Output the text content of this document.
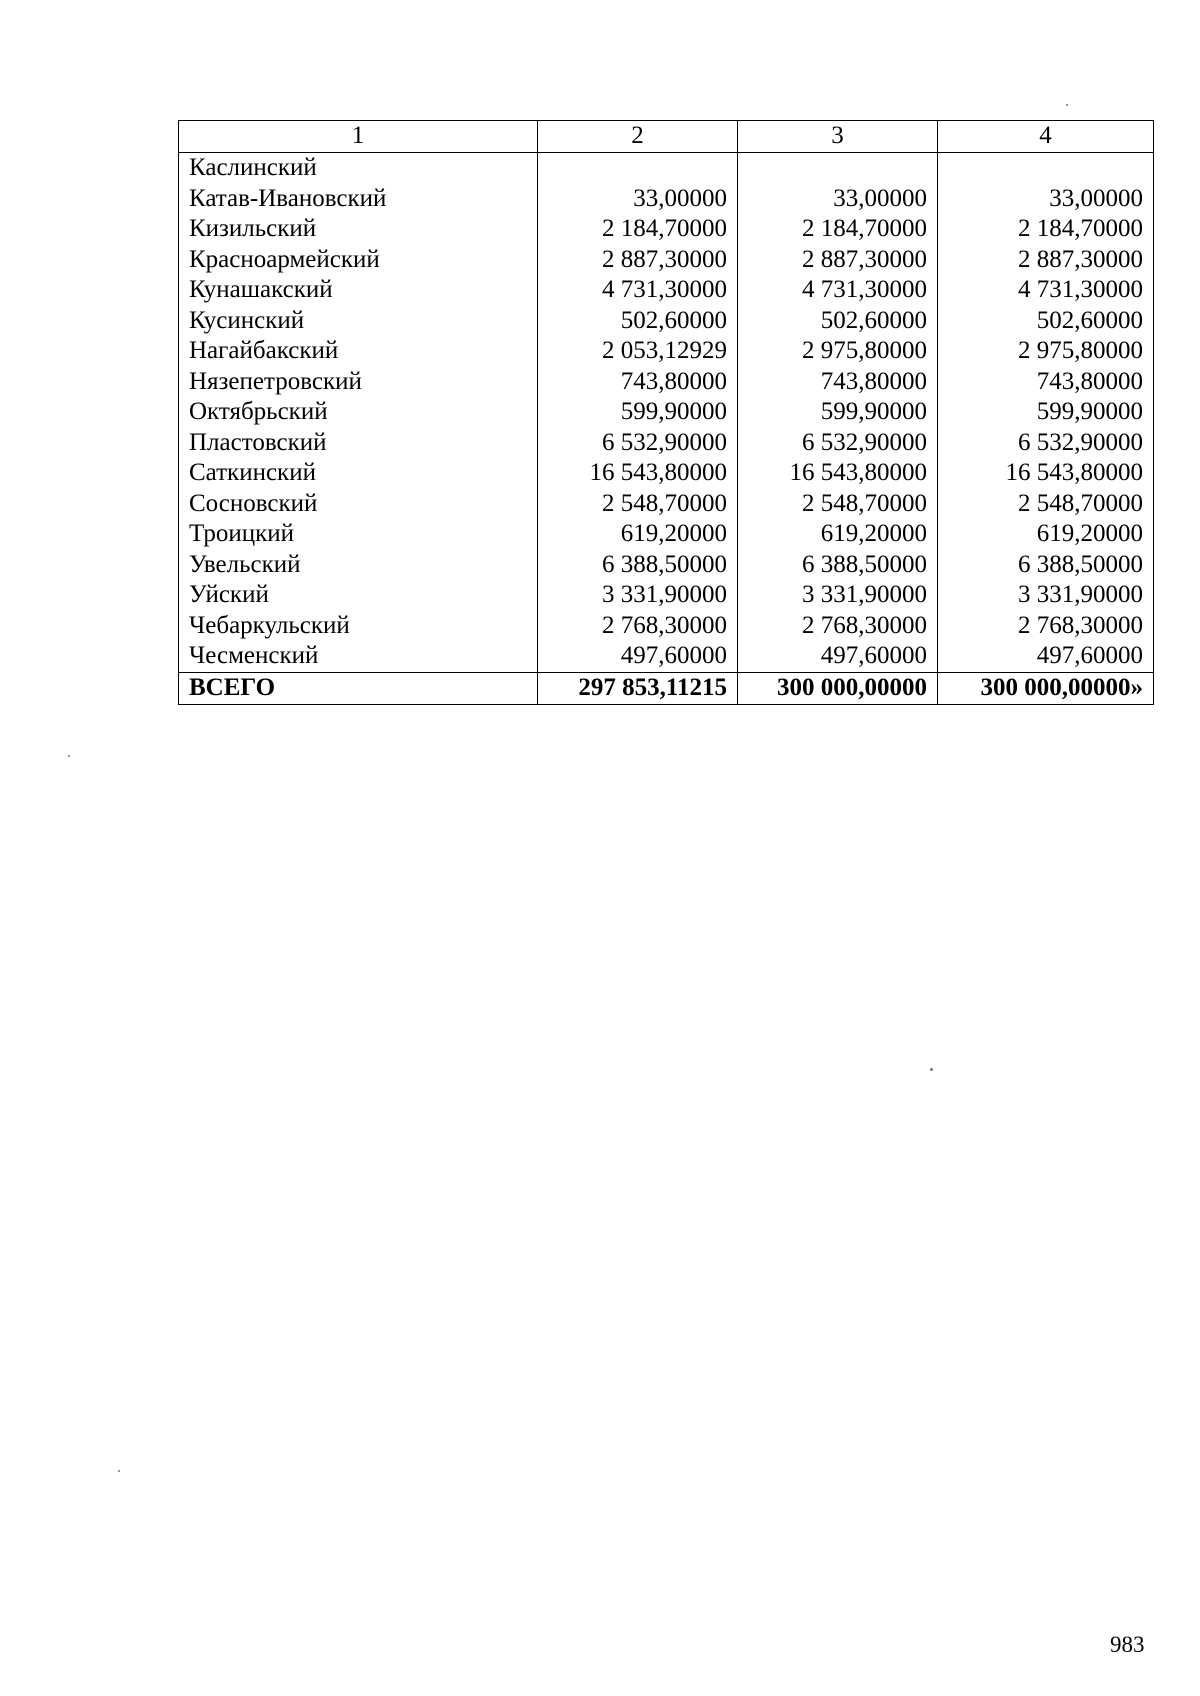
1	2	3	4
Каслинский			
Катав-Ивановский	33,00000	33,00000	33,00000
Кизильский	2 184,70000	2 184,70000	2 184,70000
Красноармейский	2 887,30000	2 887,30000	2 887,30000
Кунашакский	4 731,30000	4 731,30000	4 731,30000
Кусинский	502,60000	502,60000	502,60000
Нагайбакский	2 053,12929	2 975,80000	2 975,80000
Нязепетровский	743,80000	743,80000	743,80000
Октябрьский	599,90000	599,90000	599,90000
Пластовский	6 532,90000	6 532,90000	6 532,90000
Саткинский	16 543,80000	16 543,80000	16 543,80000
Сосновский	2 548,70000	2 548,70000	2 548,70000
Троицкий	619,20000	619,20000	619,20000
Увельский	6 388,50000	6 388,50000	6 388,50000
Уйский	3 331,90000	3 331,90000	3 331,90000
Чебаркульский	2 768,30000	2 768,30000	2 768,30000
Чесменский	497,60000	497,60000	497,60000
ВСЕГО	297 853,11215	300 000,00000	300 000,00000»
983
